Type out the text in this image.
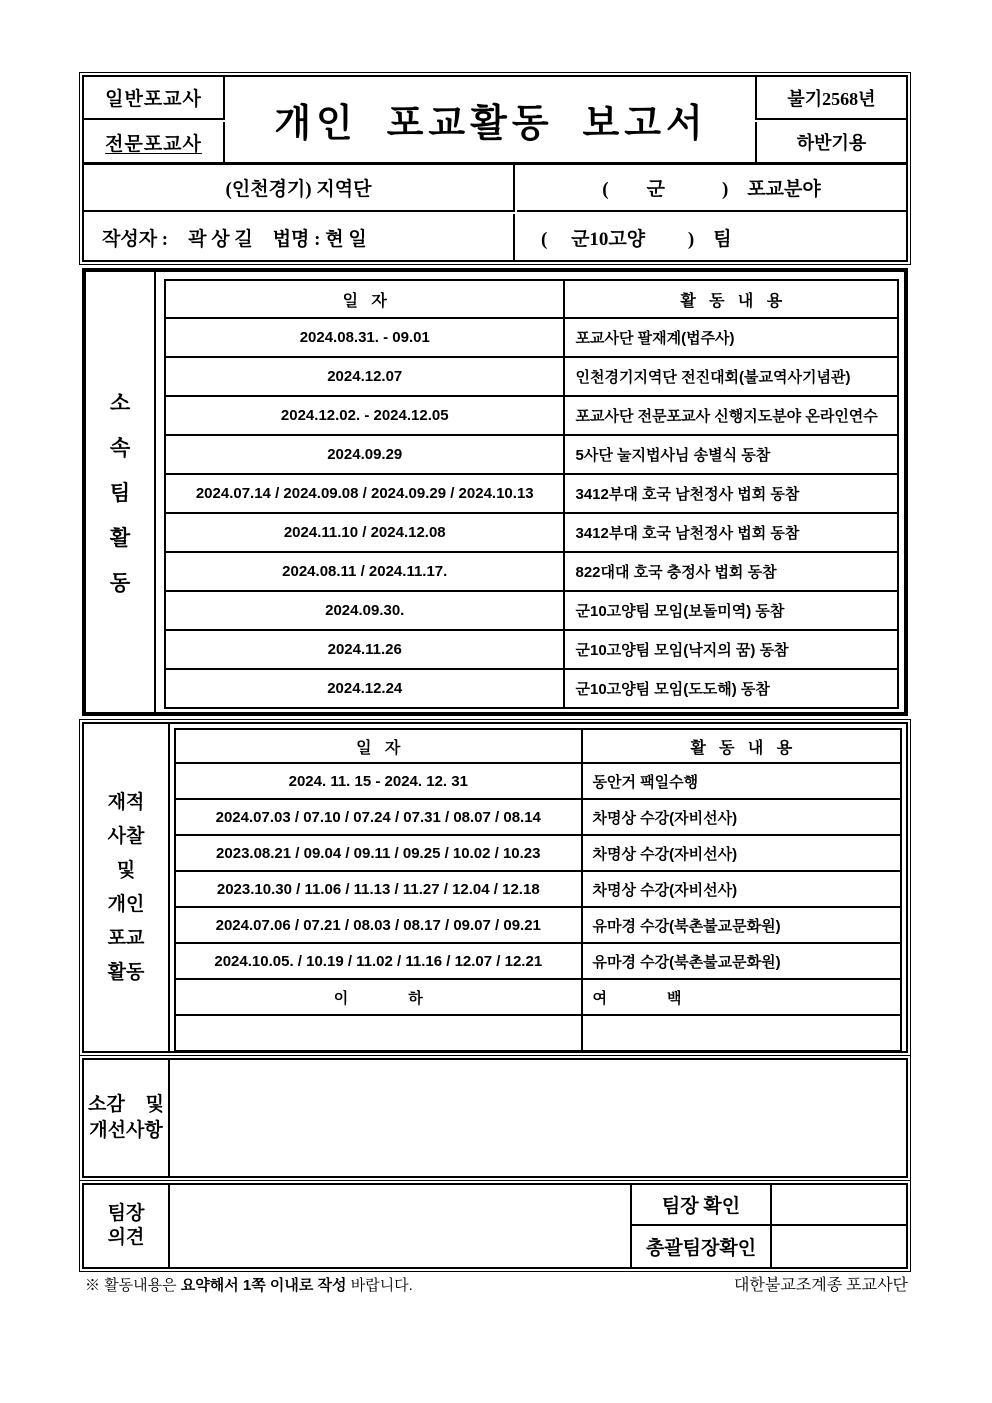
일반포교사
전문포교사 개인  포교활동  보고서
불기2568년
하반기용
(인천경기) 지역단	(　　군　　　)　포교분야
작성자 : 곽 상 길 법명 : 현 일	(　 군10고양 　　)　팀
소
속
팀
활
동
일   자	활   동   내   용
2024.08.31. - 09.01	포교사단 팔재계(법주사)
2024.12.07	인천경기지역단 전진대회(불교역사기념관)
2024.12.02. - 2024.12.05	포교사단 전문포교사 신행지도분야 온라인연수
2024.09.29	5사단 눌지법사님 송별식 동참
2024.07.14 / 2024.09.08 / 2024.09.29 / 2024.10.13	3412부대 호국 남천정사 법회 동참
2024.11.10 / 2024.12.08	3412부대 호국 남천정사 법회 동참
2024.08.11 / 2024.11.17.	822대대 호국 충정사 법회 동참
2024.09.30.	군10고양팀 모임(보돌미역) 동참
2024.11.26	군10고양팀 모임(낙지의 꿈) 동참
2024.12.24	군10고양팀 모임(도도해) 동참
재적
사찰
및
개인
포교
활동
일   자	활   동   내   용
2024. 11. 15 - 2024. 12. 31	동안거 팩일수행
2024.07.03 / 07.10 / 07.24 / 07.31 / 08.07 / 08.14	차명상 수강(자비선사)
2023.08.21 / 09.04 / 09.11 / 09.25 / 10.02 / 10.23	차명상 수강(자비선사)
2023.10.30 / 11.06 / 11.13 / 11.27 / 12.04 / 12.18	차명상 수강(자비선사)
2024.07.06 / 07.21 / 08.03 / 08.17 / 09.07 / 09.21	유마경 수강(북촌불교문화원)
2024.10.05. / 10.19 / 11.02 / 11.16 / 12.07 / 12.21	유마경 수강(북촌불교문화원)
이　　　　하	여　　　　백

소감　및
개선사항
팀장
의견
팀장 확인
총괄팀장확인
※ 활동내용은 요약해서 1쪽 이내로 작성 바랍니다.	대한불교조계종 포교사단
